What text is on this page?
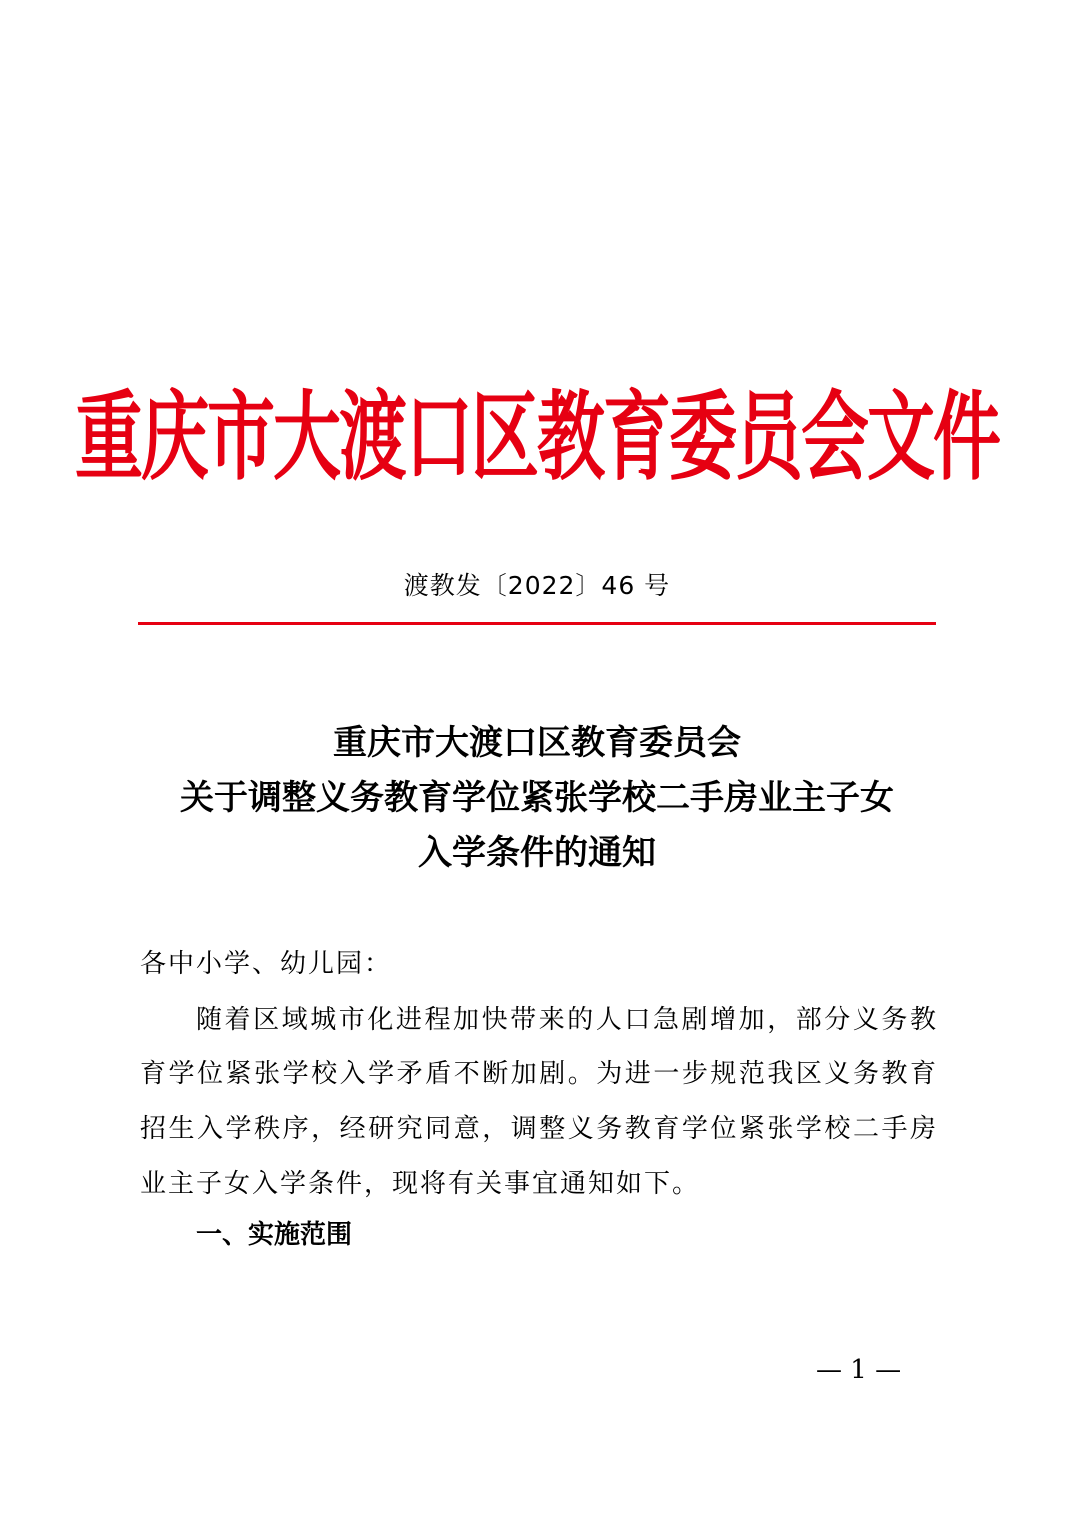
重庆市大渡口区教育委员会文件
渡教发〔2022〕46 号
重庆市大渡口区教育委员会
关于调整义务教育学位紧张学校二手房业主子女
入学条件的通知
各中小学、幼儿园：
随着区域城市化进程加快带来的人口急剧增加，部分义务教
育学位紧张学校入学矛盾不断加剧。为进一步规范我区义务教育
招生入学秩序，经研究同意，调整义务教育学位紧张学校二手房
业主子女入学条件，现将有关事宜通知如下。
一、实施范围
— 1 —
